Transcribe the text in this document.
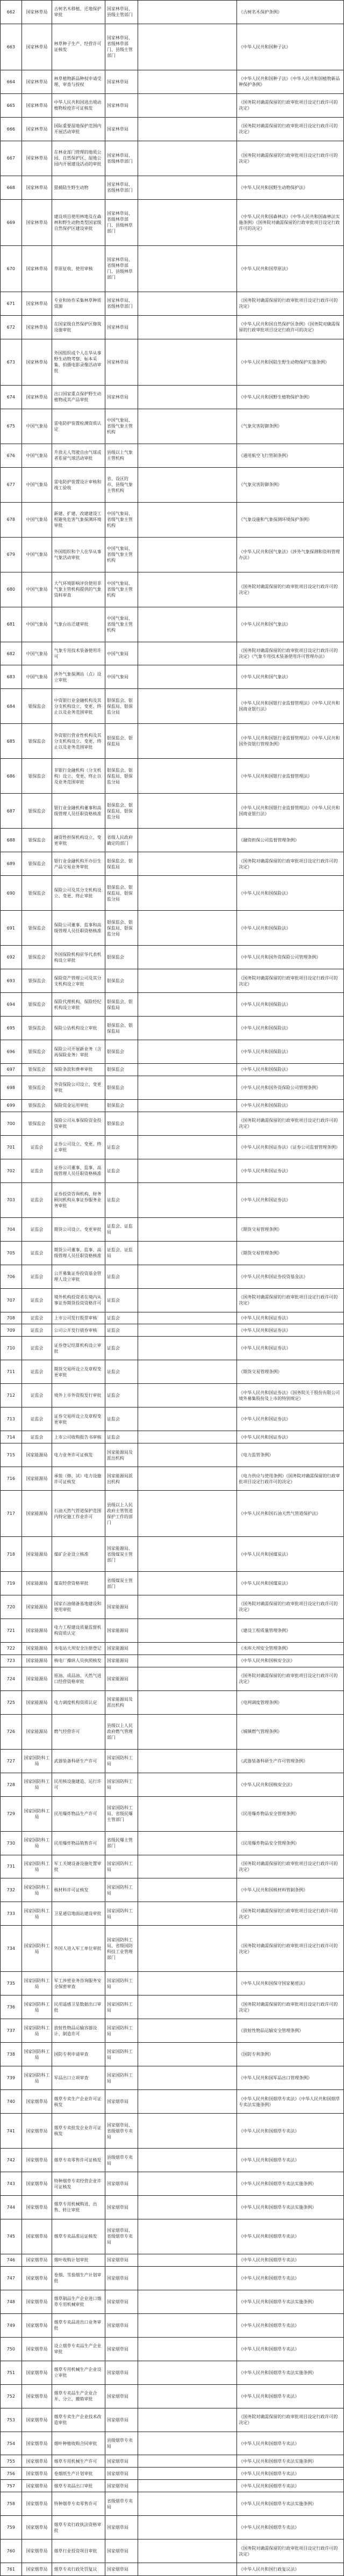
662	国家林草局	古树名木移植、迁地保护审批	国家林草局、县级主管部门		《古树名木保护条例》
663	国家林草局	林草种子生产、经营许可证核发	国家林草局、省级林草部门、县级主管部门		《中华人民共和国种子法》
664	国家林草局	林草植物新品种权申请受理、审查与授权	国家林草局		《中华人民共和国种子法》《中华人民共和国植物新品种保护条例》
665	国家林草局	中华人民共和国进出境动植物检疫许可证核发	国家林草局		《国务院对确需保留的行政审批项目设定行政许可的决定》
666	国家林草局	国际重要湿地保护范围内开展活动审批	国家林草局		《国务院对确需保留的行政审批项目设定行政许可的决定》
667	国家林草局	在林业部门管理的地质公园、自然保护区、湿地公园内开展建设活动的审批	国家林草局、省级林草部门		《国务院对确需保留的行政审批项目设定行政许可的决定》
668	国家林草局	猎捕陆生野生动物	国家林草局、省级林草部门		《中华人民共和国野生动物保护法》
669	国家林草局	建设项目使用林地及在森林和野生动物类型国家级自然保护区建设审批	国家林草局、省级林草部门、县级林草部门		《中华人民共和国森林法》《中华人民共和国森林法实施条例》《国务院对确需保留的行政审批项目设定行政许可的决定》
670	国家林草局	草原征收、使用审核	国家林草局、省级林草部门、县级林草部门		《中华人民共和国草原法》
671	国家林草局	专业和协作采集林草种质资源	国家林草局、省级林草部门		《国务院对确需保留的行政审批项目设定行政许可的决定》
672	国家林草局	在国家级自然保护区修筑设施审批	国家林草局		《中华人民共和国自然保护区条例》《国务院对确需保留的行政审批项目设定行政许可的决定》
673	国家林草局	外国组织或个人在华从事野生动物考察、标本采集、拍摄电影录像活动审批	国家林草局		《中华人民共和国陆生野生动物保护实施条例》
674	国家林草局	出口国家重点保护野生动植物或其产品审批	国家林草局		《中华人民共和国野生植物保护条例》
675	中国气象局	雷电防护装置检测资质认定	中国气象局、省级气象主管机构		《气象灾害防御条例》
676	中国气象局	升放无人驾驶自由气球或者系留气球活动审批	县级以上气象主管机构		《通用航空飞行管制条例》
677	中国气象局	雷电防护装置设计审核和竣工验收	省、设区的市、县级气象主管机构		《气象灾害防御条例》
678	中国气象局	新建、扩建、改建建设工程避免危害气象探测环境审批	中国气象局、省级气象主管机构		《气象设施和气象探测环境保护条例》
679	中国气象局	外国组织和个人在华从事气象活动审批	中国气象局、省级气象主管机构		《中华人民共和国气象法》《涉外气象探测和资料管理办法》
680	中国气象局	大气环境影响评价使用非气象主管机构提供的气象资料审查	中国气象局、省级气象主管机构		《国务院对确需保留的行政审批项目设定行政许可的决定》
681	中国气象局	气象台站迁建审批	中国气象局、省级气象主管机构		《中华人民共和国气象法》
682	中国气象局	气象专用技术装备使用许可	中国气象局		《国务院对确需保留的行政审批项目设定行政许可的决定》《气象专用技术装备使用许可管理办法》
683	中国气象局	涉外气象探测站（点）设立审批	中国气象局		《中华人民共和国气象法》
684	银保监会	中资银行业金融机构及其分支机构设立、变更、终止以及业务范围审批	银保监会、银保监局、银保监分局		《中华人民共和国银行业监督管理法》《中华人民共和国商业银行法》
685	银保监会	外资银行营业性机构及其分支机构设立、变更、终止以及业务范围审批	银保监会、银保监局		《中华人民共和国银行业监督管理法》《中华人民共和国外资银行管理条例》
686	银保监会	非银行金融机构（分支机构）设立、变更、终止以及业务范围审批	银保监会、银保监局、银保监分局		《中华人民共和国银行业监督管理法》
687	银保监会	银行业金融机构董事和高级管理人员任职资格核准	银保监会、银保监局、银保监分局		《中华人民共和国银行业监督管理法》《中华人民共和国商业银行法》
688	银保监会	融资性担保机构设立、变更审批	省级人民政府确定的部门		《融资担保公司监督管理条例》
689	银保监会	银行业金融机构开办衍生产品交易业务审批	银保监会、银保监局		《国务院对确需保留的行政审批项目设定行政许可的决定》
690	银保监会	保险公司及其分支机构设立、变更、终止审批	银保监会、银保监局、银保监分局		《中华人民共和国保险法》
691	银保监会	保险公司董事、监事和高级管理人员任职资格核准	银保监会、银保监局、银保监分局		《中华人民共和国保险法》
692	银保监会	外国保险机构驻华代表机构设立审批	银保监会		《中华人民共和国外资保险公司管理条例》
693	银保监会	保险资产管理公司及其分支机构设立审批	银保监会		《国务院对确需保留的行政审批项目设定行政许可的决定》
694	银保监会	保险代理机构、保险经纪机构设立审批	银保监会、银保监局		《中华人民共和国保险法》
695	银保监会	保险公估机构设立审批	银保监会、银保监局		《中华人民共和国保险法》
696	银保监会	保险公司开展新业务（含再保险业务）审批	银保监会		《中华人民共和国保险法》
697	银保监会	保险条款和费率审批	银保监会		《中华人民共和国保险法》
698	银保监会	外资保险公司设立、变更审批	银保监会		《中华人民共和国外资保险公司管理条例》
699	银保监会	保险资金运用审批	银保监会		《中华人民共和国保险法》
700	银保监会	保险公司从事保险资金投资审批	银保监会		《国务院对确需保留的行政审批项目设定行政许可的决定》
701	证监会	证券公司设立、变更、终止审批	证监会		《中华人民共和国证券法》《证券公司监督管理条例》
702	证监会	证券公司董事、监事、高级管理人员任职资格核准	证监会		《中华人民共和国证券法》
703	证监会	证券投资咨询机构、财务顾问机构从事证券服务业务审批	证监会		《中华人民共和国证券法》
704	证监会	期货公司设立、变更审批	证监会、证监局		《期货交易管理条例》
705	证监会	期货公司董事、监事、高级管理人员任职资格核准	证监会、证监局		《期货交易管理条例》
706	证监会	公开募集证券投资基金管理人设立审批	证监会		《中华人民共和国证券投资基金法》
707	证监会	境外机构投资者在境内从事证券期货投资资格许可	证监会		《国务院对确需保留的行政审批项目设定行政许可的决定》
708	证监会	上市公司发行股票审核	证监会		《中华人民共和国证券法》
709	证监会	公司公开发行债券审核	证监会		《中华人民共和国证券法》
710	证监会	证券登记结算机构设立审批	证监会		《中华人民共和国证券法》
711	证监会	期货交易所设立及章程变更审批	证监会		《期货交易管理条例》
712	证监会	境外上市外资股发行审批	证监会		《中华人民共和国证券法》《国务院关于股份有限公司境外募集股份及上市的特别规定》
713	证监会	证券交易所设立及章程变更审批	证监会		《中华人民共和国证券法》
714	证监会	上市公司收购报告书审核	证监会		《中华人民共和国证券法》
715	国家能源局	电力业务许可证核发	国家能源局及派出机构		《电力监管条例》
716	国家能源局	承装（修、试）电力设施许可证核发	国家能源局派出机构		《电力供应与使用条例》《国务院对确需保留的行政审批项目设定行政许可的决定》
717	国家能源局	石油天然气管道保护范围内特定施工作业许可	县级以上人民政府主管管道保护工作的部门		《中华人民共和国石油天然气管道保护法》
718	国家能源局	煤矿企业设立核准	国家能源局、省级煤炭主管部门		《中华人民共和国煤炭法》
719	国家能源局	煤炭经营资格审批	省级煤炭主管部门		《中华人民共和国煤炭法》
720	国家能源局	国家石油储备基地建设和使用审批	国家能源局		《国务院对确需保留的行政审批项目设定行政许可的决定》
721	国家能源局	电力工程建设质量监督机构资质认定	国家能源局		《建设工程质量管理条例》
722	国家能源局	水电站大坝安全注册登记	国家能源局		《水库大坝安全管理条例》
723	国家能源局	核电厂操纵人员执照核发	国家能源局		《中华人民共和国核安全法》
724	国家能源局	原油、成品油、天然气进口经营资格审批	国家能源局		《国务院对确需保留的行政审批项目设定行政许可的决定》
725	国家能源局	电力调度机构资质认定	国家能源局及派出机构		《电网调度管理条例》
726	国家能源局	燃气经营许可	县级以上人民政府燃气管理部门		《城镇燃气管理条例》
727	国家国防科工局	武器装备科研生产许可	国家国防科工局		《武器装备科研生产许可管理条例》
728	国家国防科工局	民用核设施建造、运行许可	国家国防科工局		《中华人民共和国核安全法》
729	国家国防科工局	民用爆炸物品生产许可	国家国防科工局、省级民爆主管部门		《民用爆炸物品安全管理条例》
730	国家国防科工局	民用爆炸物品销售许可	省级民爆主管部门		《民用爆炸物品安全管理条例》
731	国家国防科工局	军工关键设备设施处置审批	国家国防科工局		《国务院对确需保留的行政审批项目设定行政许可的决定》
732	国家国防科工局	核材料许可证核发	国家国防科工局		《中华人民共和国核材料管制条例》
733	国家国防科工局	卫星通信地面站建设审批	国家国防科工局		《国务院对确需保留的行政审批项目设定行政许可的决定》
734	国家国防科工局	外国人进入军工单位审批	国家国防科工局、省级国防科技工业管理部门		《国务院对确需保留的行政审批项目设定行政许可的决定》
735	国家国防科工局	军工涉密业务咨询服务安全保密审查	国家国防科工局		《中华人民共和国保守国家秘密法》
736	国家国防科工局	民用遥感卫星数据出口审批	国家国防科工局		《国务院对确需保留的行政审批项目设定行政许可的决定》
737	国家国防科工局	放射性物品运输容器设计、制造许可	国家国防科工局		《放射性物品运输安全管理条例》
738	国家国防科工局	国防专利申请审查	国家国防科工局		《国防专利条例》
739	国家国防科工局	军品出口立项审查	国家国防科工局		《中华人民共和国军品出口管理条例》
740	国家烟草局	烟草专卖生产企业许可证核发	国家烟草局		《中华人民共和国烟草专卖法》《中华人民共和国烟草专卖法实施条例》
741	国家烟草局	烟草专卖批发企业许可证核发	国家烟草局、省级烟草专卖局		《中华人民共和国烟草专卖法》
742	国家烟草局	烟草专卖零售许可证核发	县级烟草专卖局		《中华人民共和国烟草专卖法》
743	国家烟草局	特种烟草专卖经营企业许可证核发	国家烟草局		《中华人民共和国烟草专卖法实施条例》
744	国家烟草局	烟草专用机械购进、出售、转让审批	国家烟草局		《中华人民共和国烟草专卖法实施条例》
745	国家烟草局	烟草专卖品准运证核发	国家烟草局、省级烟草专卖局		《中华人民共和国烟草专卖法》
746	国家烟草局	烟叶收购计划审批	国家烟草局		《中华人民共和国烟草专卖法》
747	国家烟草局	卷烟、雪茄烟生产计划审批	国家烟草局		《中华人民共和国烟草专卖法》
748	国家烟草局	烟草制品生产企业进口烟草专用机械审批	国家烟草局		《中华人民共和国烟草专卖法实施条例》
749	国家烟草局	烟草专卖品进出口业务审批	国家烟草局		《中华人民共和国烟草专卖法》
750	国家烟草局	设立烟草专卖品生产企业审批	国家烟草局		《中华人民共和国烟草专卖法》
751	国家烟草局	烟草专用机械生产企业设立审批	国家烟草局		《中华人民共和国烟草专卖法实施条例》
752	国家烟草局	烟草专卖品生产企业合并、分立、撤销审批	国家烟草局		《中华人民共和国烟草专卖法》
753	国家烟草局	烟草专卖生产企业技术改造审批	国家烟草局		《国务院对确需保留的行政审批项目设定行政许可的决定》
754	国家烟草局	烟叶种植收购合同审批	县级烟草专卖局		《中华人民共和国烟草专卖法》
755	国家烟草局	烟草专用机械生产许可	国家烟草局		《中华人民共和国烟草专卖法实施条例》
756	国家烟草局	卷烟纸生产计划审批	国家烟草局		《中华人民共和国烟草专卖法》
757	国家烟草局	烟草专卖品出口审批	国家烟草局		《中华人民共和国烟草专卖法》
758	国家烟草局	特种烟草专卖零售许可	省级烟草专卖局		《中华人民共和国烟草专卖法实施条例》
759	国家烟草局	烟草专卖行政执法资格审批	国家烟草局		《中华人民共和国烟草专卖法》
760	国家烟草局	烟草行业投资项目审批	国家烟草局		《国务院对确需保留的行政审批项目设定行政许可的决定》
761	国家烟草局	烟草专卖行政处罚复议	国家烟草局		《中华人民共和国行政复议法》
